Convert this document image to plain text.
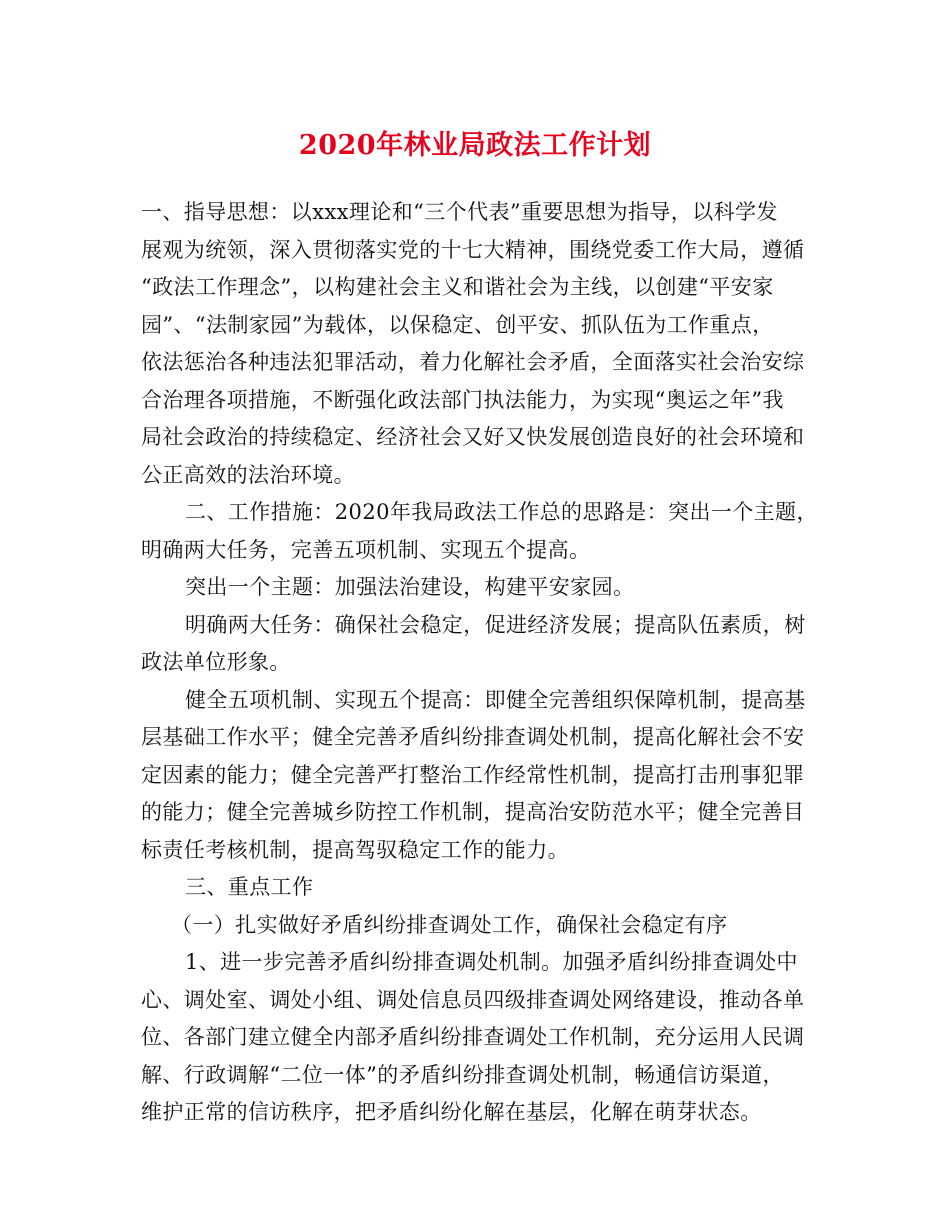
2020年林业局政法工作计划
一、指导思想：以xxx理论和“三个代表”重要思想为指导，以科学发
展观为统领，深入贯彻落实党的十七大精神，围绕党委工作大局，遵循
“政法工作理念”，以构建社会主义和谐社会为主线，以创建“平安家
园”、“法制家园”为载体，以保稳定、创平安、抓队伍为工作重点，
依法惩治各种违法犯罪活动，着力化解社会矛盾，全面落实社会治安综
合治理各项措施，不断强化政法部门执法能力，为实现“奥运之年”我
局社会政治的持续稳定、经济社会又好又快发展创造良好的社会环境和
公正高效的法治环境。
二、工作措施：2020年我局政法工作总的思路是：突出一个主题，
明确两大任务，完善五项机制、实现五个提高。
突出一个主题：加强法治建设，构建平安家园。
明确两大任务：确保社会稳定，促进经济发展；提高队伍素质，树
政法单位形象。
健全五项机制、实现五个提高：即健全完善组织保障机制，提高基
层基础工作水平；健全完善矛盾纠纷排查调处机制，提高化解社会不安
定因素的能力；健全完善严打整治工作经常性机制，提高打击刑事犯罪
的能力；健全完善城乡防控工作机制，提高治安防范水平；健全完善目
标责任考核机制，提高驾驭稳定工作的能力。
三、重点工作
（一）扎实做好矛盾纠纷排查调处工作，确保社会稳定有序
1、进一步完善矛盾纠纷排查调处机制。加强矛盾纠纷排查调处中
心、调处室、调处小组、调处信息员四级排查调处网络建设，推动各单
位、各部门建立健全内部矛盾纠纷排查调处工作机制，充分运用人民调
解、行政调解“二位一体”的矛盾纠纷排查调处机制，畅通信访渠道，
维护正常的信访秩序，把矛盾纠纷化解在基层，化解在萌芽状态。
